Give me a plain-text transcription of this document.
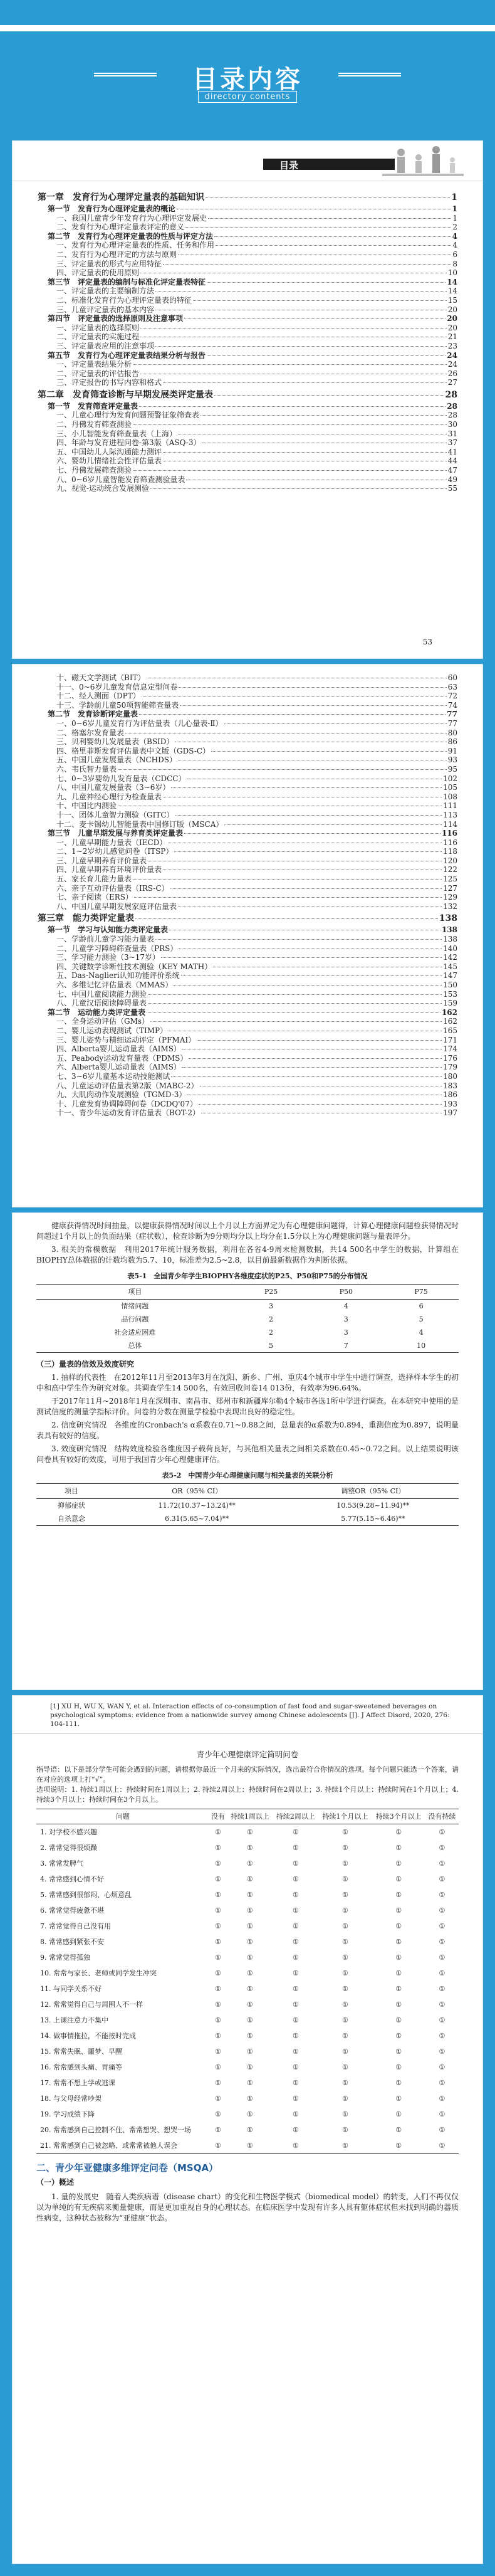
目录内容
directory contents
目录
第一章　发育行为心理评定量表的基础知识	1
第一节　发育行为心理评定量表的概论	1
一、我国儿童青少年发育行为心理评定发展史	1
二、发育行为心理评定量表评定的意义	2
第二节　发育行为心理评定量表的性质与评定方法	4
一、发育行为心理评定量表的性质、任务和作用	4
二、发育行为心理评定的方法与原则	6
三、评定量表的形式与应用特征	8
四、评定量表的使用原则	10
第三节　评定量表的编制与标准化评定量表特征	14
一、评定量表的主要编制方法	14
二、标准化发育行为心理评定量表的特征	15
三、儿童评定量表的基本内容	20
第四节　评定量表的选择原则及注意事项	20
一、评定量表的选择原则	20
二、评定量表的实施过程	21
三、评定量表应用的注意事项	23
第五节　发育行为心理评定量表结果分析与报告	24
一、评定量表结果分析	24
二、评定量表的评估报告	26
三、评定报告的书写内容和格式	27
第二章　发育筛查诊断与早期发展类评定量表	28
第一节　发育筛查评定量表	28
一、儿童心理行为发育问题预警征象筛查表	28
二、丹佛发育筛查测验	30
三、小儿智能发育筛查量表（上海）	31
四、年龄与发育进程问卷-第3版（ASQ-3）	37
五、中国幼儿人际沟通能力测评	41
六、婴幼儿情绪社会性评估量表	44
七、丹佛发展筛查测验	47
八、0~6岁儿童智能发育筛查测验量表	49
九、视觉-运动统合发展测验	55
53
十、磁天文学测试（BIT）	60
十一、0~6岁儿童发育信息定型问卷	63
十二、经人测面（DPT）	72
十三、学龄前儿童50项智能筛查量表	74
第二节　发育诊断评定量表	77
一、0~6岁儿童发育行为评估量表（儿心量表-Ⅱ）	77
二、格塞尔发育量表	80
三、贝利婴幼儿发展量表（BSID）	86
四、格里菲斯发育评估量表中文版（GDS-C）	91
五、中国儿童发展量表（NCHDS）	93
六、韦氏智力量表	95
七、0~3岁婴幼儿发育量表（CDCC）	102
八、中国儿童发展量表（3~6岁）	105
九、儿童神经心理行为检查量表	108
十、中国比内测验	111
十一、团体儿童智力测验（GITC）	113
十二、麦卡锡幼儿智能量表中国修订版（MSCA）	114
第三节　儿童早期发展与养育类评定量表	116
一、儿童早期能力量表（IECD）	116
二、1~2岁幼儿感觉问卷（ITSP）	118
三、儿童早期养育评价量表	120
四、儿童早期养育环境评价量表	122
五、家长育儿能力量表	125
六、亲子互动评估量表（IRS-C）	127
七、亲子阅读（ERS）	129
八、中国儿童早期发展家庭评估量表	132
第三章　能力类评定量表	138
第一节　学习与认知能力类评定量表	138
一、学龄前儿童学习能力量表	138
二、儿童学习障碍筛查量表（PRS）	140
三、学习能力测验（3~17岁）	142
四、关键数学诊断性技术测验（KEY MATH）	145
五、Das-Naglieri认知功能评价系统	147
六、多维记忆评估量表（MMAS）	150
七、中国儿童阅读能力测验	153
八、儿童汉语阅读障碍量表	159
第二节　运动能力类评定量表	162
一、全身运动评估（GMs）	162
二、婴儿运动表现测试（TIMP）	165
三、婴儿姿势与精细运动评定（PFMAI）	171
四、Alberta婴儿运动量表（AIMS）	174
五、Peabody运动发育量表（PDMS）	176
六、Alberta婴儿运动量表（AIMS）	179
七、3~6岁儿童基本运动技能测试	180
八、儿童运动评估量表第2版（MABC-2）	183
九、大肌肉动作发展测验（TGMD-3）	186
十、儿童发育协调障碍问卷（DCDQ'07）	193
十一、青少年运动发育评估量表（BOT-2）	197

健康获得情况时间抽量，以健康获得情况时间以上个月以上方面界定为有心理健康问题得，计算心理健康问题检获得情况时间超过1个月以上的负面结果（症状数），检查诊断为9分则均分以上均分在1.5分以上为心理健康问题与量表评分。

3. 根关的常模数据　利用2017年统计服务数据，利用在各省4-9周末检测数据，共14 500名中学生的数据，计算组在BIOPHY总体数据的计数均数为5.7、10，标准差为2.5~2.8，以目前最新数据作为判断依据。

表5-1　全国青少年学生BIOPHY各维度症状的P25、P50和P75的分布情况
项目	P25	P50	P75
情绪问题	3	4	6
品行问题	2	3	5
社会适应困难	2	3	4
总体	5	7	10
（三）量表的信效及效度研究

1. 抽样的代表性　在2012年11月至2013年3月在沈阳、新乡、广州、重庆4个城市中学生中进行调查，选择样本学生的初中和高中学生作为研究对象。共调查学生14 500名，有效回收问卷14 013份，有效率为96.64%。

于2017年11月~2018年1月在深圳市、南昌市、郑州市和新疆库尔勒4个城市各选1所中学进行调查。在本研究中使用的是测试信度的测量学指标评价。问卷的分数在测量学检验中表现出良好的稳定性。

2. 信度研究情况　各维度的Cronbach's α系数在0.71~0.88之间，总量表的α系数为0.894，重测信度为0.897，说明量表具有较好的信度。

3. 效度研究情况　结构效度检验各维度因子载荷良好，与其他相关量表之间相关系数在0.45~0.72之间。以上结果说明该问卷具有较好的效度，可用于我国青少年心理健康评估。

表5-2　中国青少年心理健康问题与相关量表的关联分析
项目	OR（95% CI）	调整OR（95% CI）
抑郁症状	11.72(10.37~13.24)**	10.53(9.28~11.94)**
自杀意念	6.31(5.65~7.04)**	5.77(5.15~6.46)**
[1] XU H, WU X, WAN Y, et al. Interaction effects of co-consumption of fast food and sugar-sweetened beverages on psychological symptoms: evidence from a nationwide survey among Chinese adolescents [J]. J Affect Disord, 2020, 276: 104-111.
青少年心理健康评定简明问卷
指导语：以下是部分学生可能会遇到的问题，请根据你最近一个月来的实际情况，选出最符合你情况的选项。每个问题只能选一个答案，请在对应的选项上打“√”。
选项说明：1. 持续1周以上：持续时间在1周以上；2. 持续2周以上：持续时间在2周以上；3. 持续1个月以上：持续时间在1个月以上；4. 持续3个月以上：持续时间在3个月以上。
问题	没有	持续1周以上	持续2周以上	持续1个月以上	持续3个月以上	没有持续
1. 对学校不感兴趣	①	①	①	①	①	①
2. 常常觉得很烦躁	①	①	①	①	①	①
3. 常常发脾气	①	①	①	①	①	①
4. 常常感到心情不好	①	①	①	①	①	①
5. 常常感到很郁闷、心烦意乱	①	①	①	①	①	①
6. 常常觉得疲惫不堪	①	①	①	①	①	①
7. 常常觉得自己没有用	①	①	①	①	①	①
8. 常常感到紧张不安	①	①	①	①	①	①
9. 常常觉得孤独	①	①	①	①	①	①
10. 常常与家长、老师或同学发生冲突	①	①	①	①	①	①
11. 与同学关系不好	①	①	①	①	①	①
12. 常常觉得自己与周围人不一样	①	①	①	①	①	①
13. 上课注意力不集中	①	①	①	①	①	①
14. 做事情拖拉，不能按时完成	①	①	①	①	①	①
15. 常常失眠、噩梦、早醒	①	①	①	①	①	①
16. 常常感到头痛、胃痛等	①	①	①	①	①	①
17. 常常不想上学或逃课	①	①	①	①	①	①
18. 与父母经常吵架	①	①	①	①	①	①
19. 学习成绩下降	①	①	①	①	①	①
20. 常常感到自己控制不住、常常想哭、想哭一场	①	①	①	①	①	①
21. 常常感到自己被忽略、或常常被他人误会	①	①	①	①	①	①
二、青少年亚健康多维评定问卷（MSQA）
（一）概述

1. 量的发展史　随着人类疾病谱（disease chart）的变化和生物医学模式（biomedical model）的转变，人们不再仅仅以为单纯的有无疾病来衡量健康，而是更加重视自身的心理状态。在临床医学中发现有许多人具有躯体症状但未找到明确的器质性病变，这种状态被称为“亚健康”状态。
